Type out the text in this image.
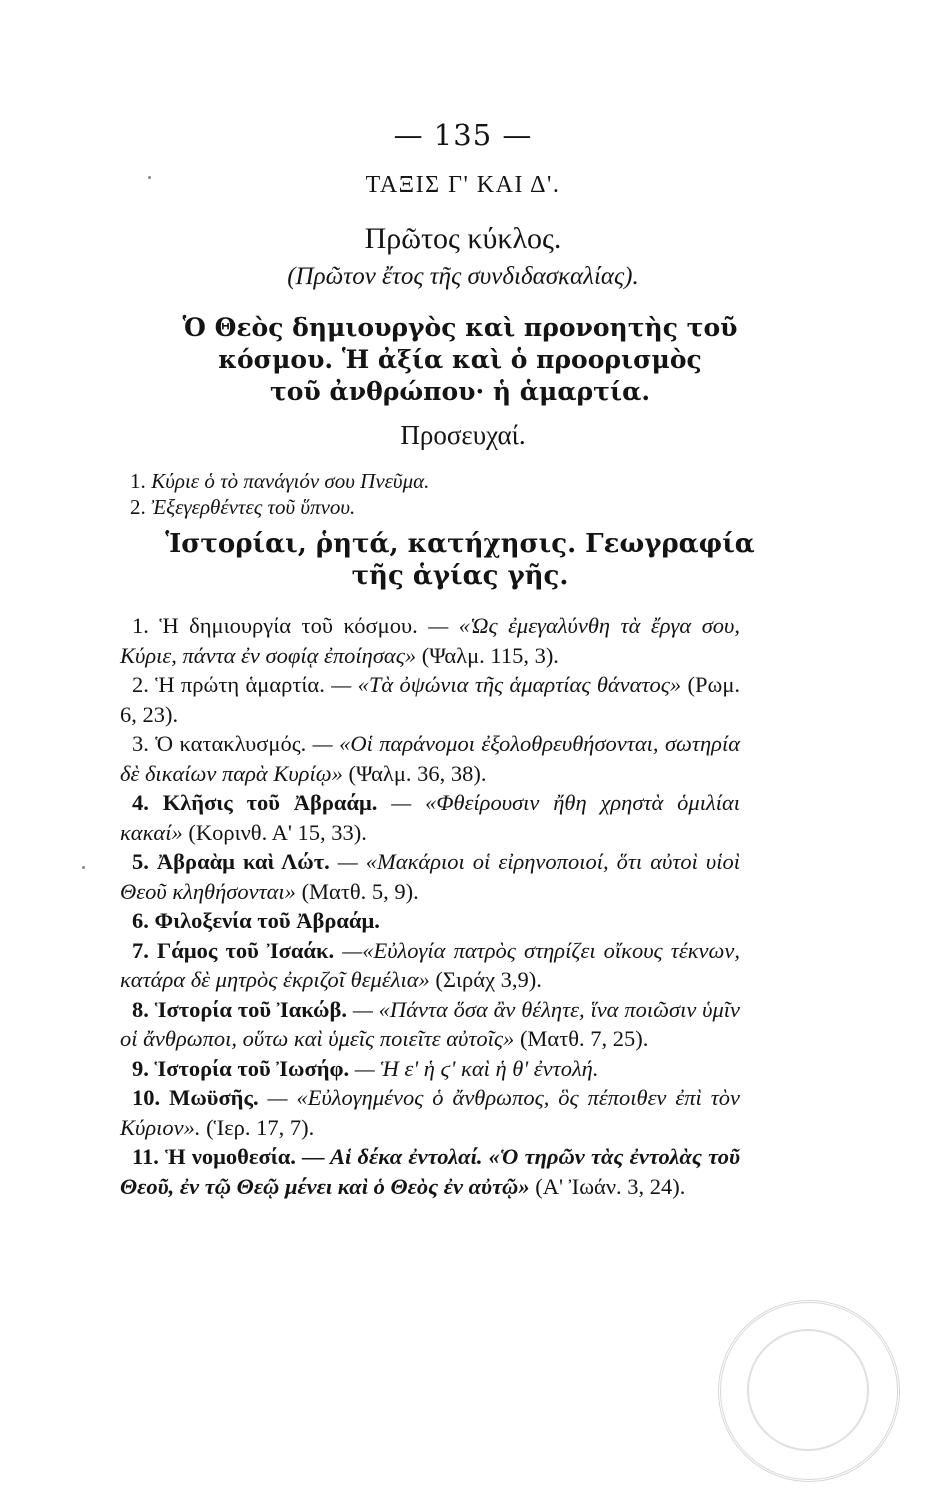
— 135 —
ΤΑΞΙΣ Γ' ΚΑΙ Δ'.
Πρῶτος κύκλος.
(Πρῶτον ἔτος τῆς συνδιδασκαλίας).
Ὁ Θεὸς δημιουργὸς καὶ προνοητὴς τοῦ
κόσμου. Ἡ ἀξία καὶ ὁ προορισμὸς
τοῦ ἀνθρώπου· ἡ ἁμαρτία.
Προσευχαί.
1. Κύριε ὁ τὸ πανάγιόν σου Πνεῦμα.
2. Ἐξεγερθέντες τοῦ ὕπνου.
Ἱστορίαι, ῥητά, κατήχησις. Γεωγραφία
τῆς ἁγίας γῆς.
1. Ἡ δημιουργία τοῦ κόσμου. — «Ὡς ἐμεγαλύνθη τὰ ἔργα σου, Κύριε, πάντα ἐν σοφίᾳ ἐποίησας» (Ψαλμ. 115, 3).
2. Ἡ πρώτη ἁμαρτία. — «Τὰ ὀψώνια τῆς ἁμαρτίας θάνατος» (Ρωμ. 6, 23).
3. Ὁ κατακλυσμός. — «Οἱ παράνομοι ἐξολοθρευθήσονται, σωτηρία δὲ δικαίων παρὰ Κυρίῳ» (Ψαλμ. 36, 38).
4. Κλῆσις τοῦ Ἀβραάμ. — «Φθείρουσιν ἤθη χρηστὰ ὁμιλίαι κακαί» (Κορινθ. Α' 15, 33).
5. Ἀβραὰμ καὶ Λώτ. — «Μακάριοι οἱ εἰρηνοποιοί, ὅτι αὐτοὶ υἱοὶ Θεοῦ κληθήσονται» (Ματθ. 5, 9).
6. Φιλοξενία τοῦ Ἀβραάμ.
7. Γάμος τοῦ Ἰσαάκ. —«Εὐλογία πατρὸς στηρίζει οἴκους τέκνων, κατάρα δὲ μητρὸς ἐκριζοῖ θεμέλια» (Σιράχ 3,9).
8. Ἱστορία τοῦ Ἰακώβ. — «Πάντα ὅσα ἂν θέλητε, ἵνα ποιῶσιν ὑμῖν οἱ ἄνθρωποι, οὕτω καὶ ὑμεῖς ποιεῖτε αὐτοῖς» (Ματθ. 7, 25).
9. Ἱστορία τοῦ Ἰωσήφ. — Ἡ ε' ἡ ϛ' καὶ ἡ θ' ἐντολή.
10. Μωϋσῆς. — «Εὐλογημένος ὁ ἄνθρωπος, ὃς πέποιθεν ἐπὶ τὸν Κύριον». (Ἱερ. 17, 7).
11. Ἡ νομοθεσία. — Αἱ δέκα ἐντολαί. «Ὁ τηρῶν τὰς ἐντολὰς τοῦ Θεοῦ, ἐν τῷ Θεῷ μένει καὶ ὁ Θεὸς ἐν αὐτῷ» (Α' Ἰωάν. 3, 24).
